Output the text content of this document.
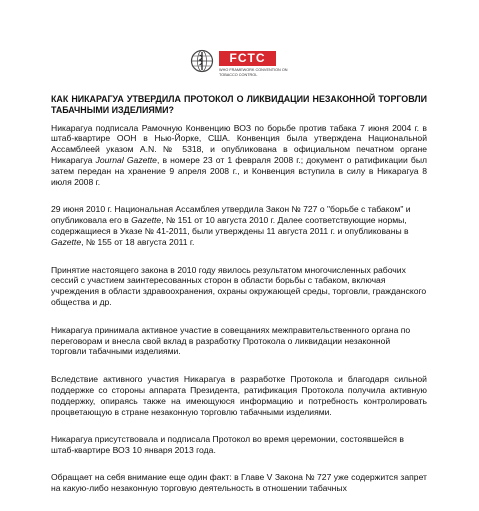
FCTC
WHO FRAMEWORK CONVENTION ON TOBACCO CONTROL
КАК НИКАРАГУА УТВЕРДИЛА ПРОТОКОЛ О ЛИКВИДАЦИИ НЕЗАКОННОЙ ТОРГОВЛИ ТАБАЧНЫМИ ИЗДЕЛИЯМИ?

Никарагуа подписала Рамочную Конвенцию ВОЗ по борьбе против табака 7 июня 2004 г. в штаб-квартире ООН в Нью-Йорке, США. Конвенция была утверждена Национальной Ассамблеей указом A.N. № 5318, и опубликована в официальном печатном органе Никарагуа Journal Gazette, в номере 23 от 1 февраля 2008 г.; документ о ратификации был затем передан на хранение 9 апреля 2008 г., и Конвенция вступила в силу в Никарагуа 8 июля 2008 г.

29 июня 2010 г. Национальная Ассамблея утвердила Закон № 727 о "борьбе с табаком" и опубликовала его в Gazette, № 151 от 10 августа 2010 г. Далее соответствующие нормы, содержащиеся в Указе № 41-2011, были утверждены 11 августа 2011 г. и опубликованы в Gazette, № 155 от 18 августа 2011 г.

Принятие настоящего закона в 2010 году явилось результатом многочисленных рабочих сессий с участием заинтересованных сторон в области борьбы с табаком, включая учреждения в области здравоохранения, охраны окружающей среды, торговли, гражданского общества и др.

Никарагуа принимала активное участие в совещаниях межправительственного органа по переговорам и внесла свой вклад в разработку Протокола о ликвидации незаконной торговли табачными изделиями.

Вследствие активного участия Никарагуа в разработке Протокола и благодаря сильной поддержке со стороны аппарата Президента, ратификация Протокола получила активную поддержку, опираясь также на имеющуюся информацию и потребность контролировать процветающую в стране незаконную торговлю табачными изделиями.

Никарагуа присутствовала и подписала Протокол во время церемонии, состоявшейся в штаб-квартире ВОЗ 10 января 2013 года.

Обращает на себя внимание еще один факт: в Главе V Закона № 727 уже содержится запрет на какую-либо незаконную торговую деятельность в отношении табачных
